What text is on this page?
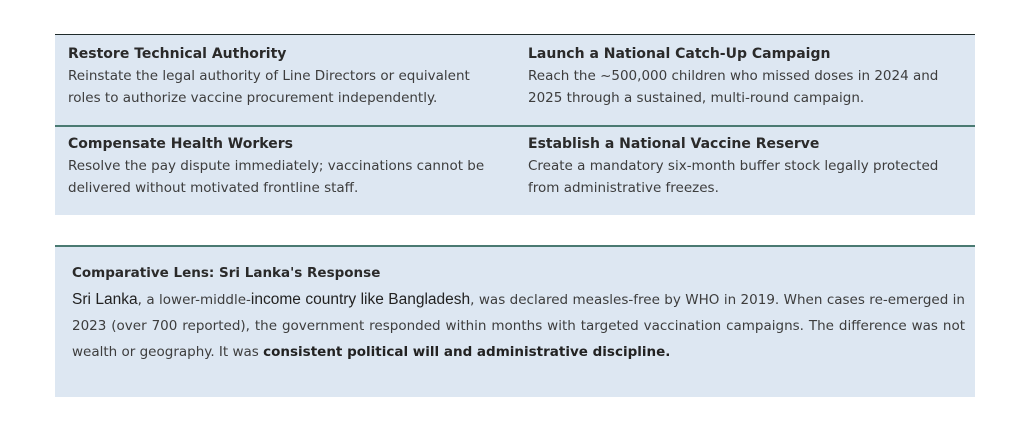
Restore Technical Authority

Reinstate the legal authority of Line Directors or equivalent roles to authorize vaccine procurement independently.

Launch a National Catch-Up Campaign

Reach the ~500,000 children who missed doses in 2024 and 2025 through a sustained, multi-round campaign.

Compensate Health Workers

Resolve the pay dispute immediately; vaccinations cannot be delivered without motivated frontline staff.

Establish a National Vaccine Reserve

Create a mandatory six-month buffer stock legally protected from administrative freezes.

Comparative Lens: Sri Lanka's Response

Sri Lanka, a lower-middle-income country like Bangladesh, was declared measles-free by WHO in 2019. When cases re-emerged in 2023 (over 700 reported), the government responded within months with targeted vaccination campaigns. The difference was not wealth or geography. It was consistent political will and administrative discipline.
